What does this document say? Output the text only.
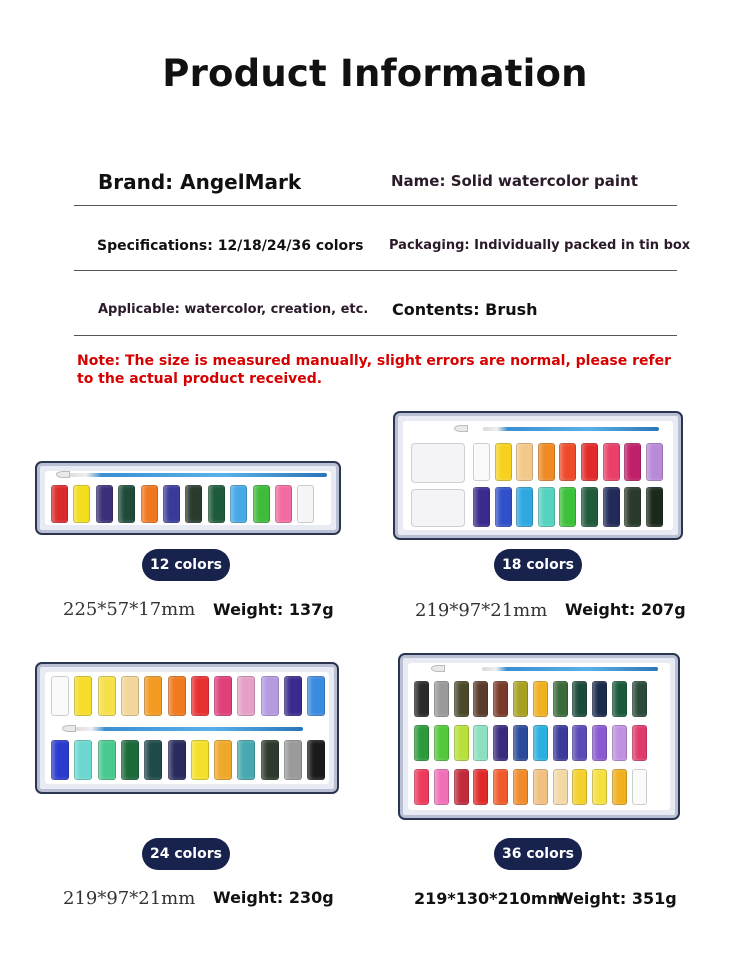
Product Information
Brand: AngelMark	Name: Solid watercolor paint
Specifications: 12/18/24/36 colors Packaging: Individually packed in tin box
Applicable: watercolor, creation, etc. Contents: Brush
Note: The size is measured manually, slight errors are normal, please refer to the actual product received.
12 colors
225*57*17mm Weight: 137g
18 colors
219*97*21mm Weight: 207g
24 colors
219*97*21mm Weight: 230g
36 colors
219*130*210mm
Weight: 351g
